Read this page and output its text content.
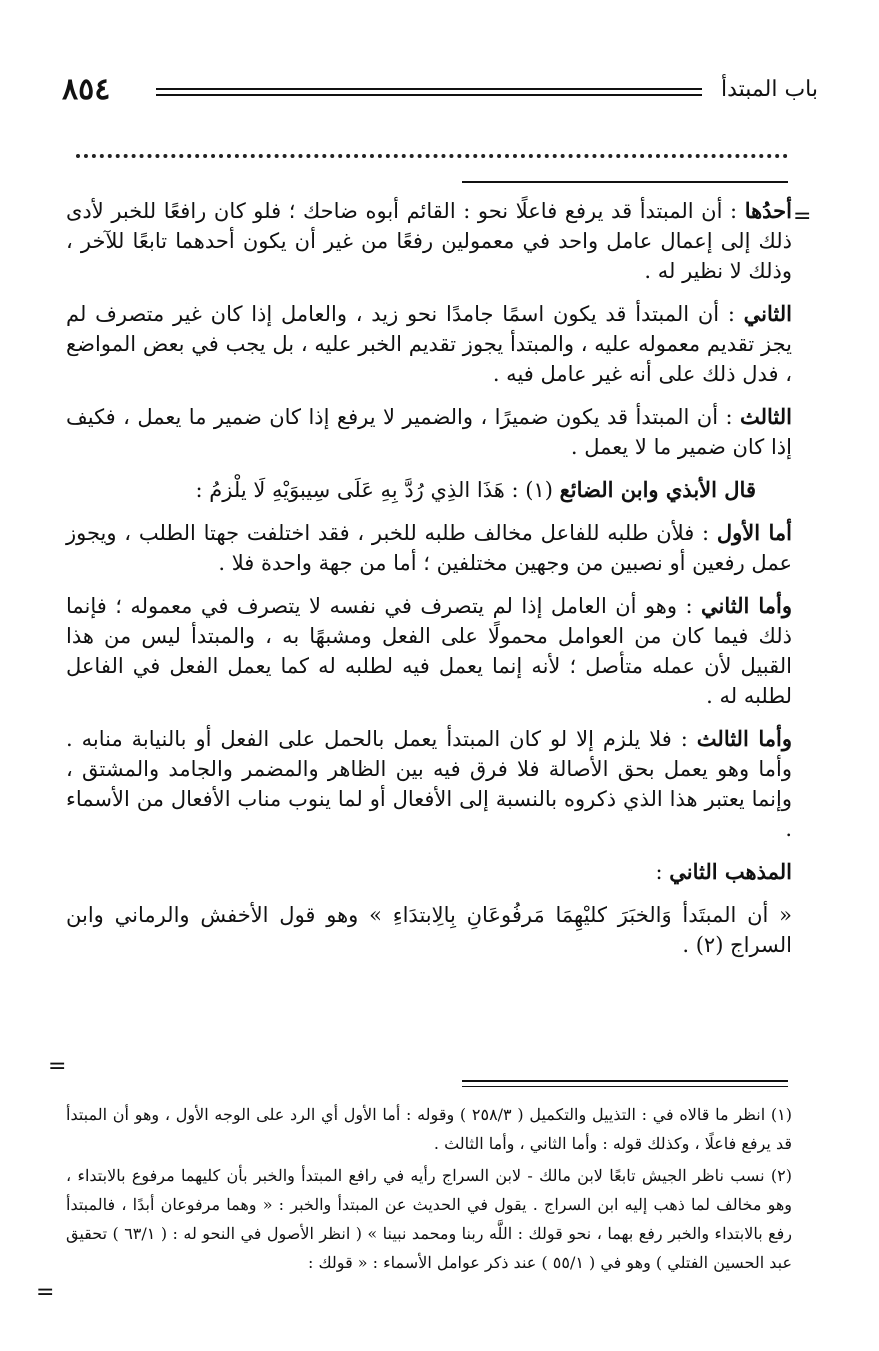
٨٥٤	باب المبتدأ
=
=
=

أحدُها : أن المبتدأ قد يرفع فاعلًا نحو : القائم أبوه ضاحك ؛ فلو كان رافعًا للخبر لأدى ذلك إلى إعمال عامل واحد في معمولين رفعًا من غير أن يكون أحدهما تابعًا للآخر ، وذلك لا نظير له .

الثاني : أن المبتدأ قد يكون اسمًا جامدًا نحو زيد ، والعامل إذا كان غير متصرف لم يجز تقديم معموله عليه ، والمبتدأ يجوز تقديم الخبر عليه ، بل يجب في بعض المواضع ، فدل ذلك على أنه غير عامل فيه .

الثالث : أن المبتدأ قد يكون ضميرًا ، والضمير لا يرفع إذا كان ضمير ما يعمل ، فكيف إذا كان ضمير ما لا يعمل .

قال الأبذي وابن الضائع (١) : هَذَا الذِي رُدَّ بِهِ عَلَى سِيبوَيْهِ لَا يلْزمُ :

أما الأول : فلأن طلبه للفاعل مخالف طلبه للخبر ، فقد اختلفت جهتا الطلب ، ويجوز عمل رفعين أو نصبين من وجهين مختلفين ؛ أما من جهة واحدة فلا .

وأما الثاني : وهو أن العامل إذا لم يتصرف في نفسه لا يتصرف في معموله ؛ فإنما ذلك فيما كان من العوامل محمولًا على الفعل ومشبهًا به ، والمبتدأ ليس من هذا القبيل لأن عمله متأصل ؛ لأنه إنما يعمل فيه لطلبه له كما يعمل الفعل في الفاعل لطلبه له .

وأما الثالث : فلا يلزم إلا لو كان المبتدأ يعمل بالحمل على الفعل أو بالنيابة منابه . وأما وهو يعمل بحق الأصالة فلا فرق فيه بين الظاهر والمضمر والجامد والمشتق ، وإنما يعتبر هذا الذي ذكروه بالنسبة إلى الأفعال أو لما ينوب مناب الأفعال من الأسماء .

المذهب الثاني :

« أن المبتَدأ وَالخبَرَ كليْهِمَا مَرفُوعَانِ بِالِابتدَاءِ » وهو قول الأخفش والرماني وابن السراج (٢) .

(١) انظر ما قالاه في : التذييل والتكميل ( ٢٥٨/٣ ) وقوله : أما الأول أي الرد على الوجه الأول ، وهو أن المبتدأ قد يرفع فاعلًا ، وكذلك قوله : وأما الثاني ، وأما الثالث .

(٢) نسب ناظر الجيش تابعًا لابن مالك - لابن السراج رأيه في رافع المبتدأ والخبر بأن كليهما مرفوع بالابتداء ، وهو مخالف لما ذهب إليه ابن السراج . يقول في الحديث عن المبتدأ والخبر : « وهما مرفوعان أبدًا ، فالمبتدأ رفع بالابتداء والخبر رفع بهما ، نحو قولك : اللَّه ربنا ومحمد نبينا » ( انظر الأصول في النحو له : ( ٦٣/١ ) تحقيق عبد الحسين الفتلي ) وهو في ( ٥٥/١ ) عند ذكر عوامل الأسماء : « قولك :
